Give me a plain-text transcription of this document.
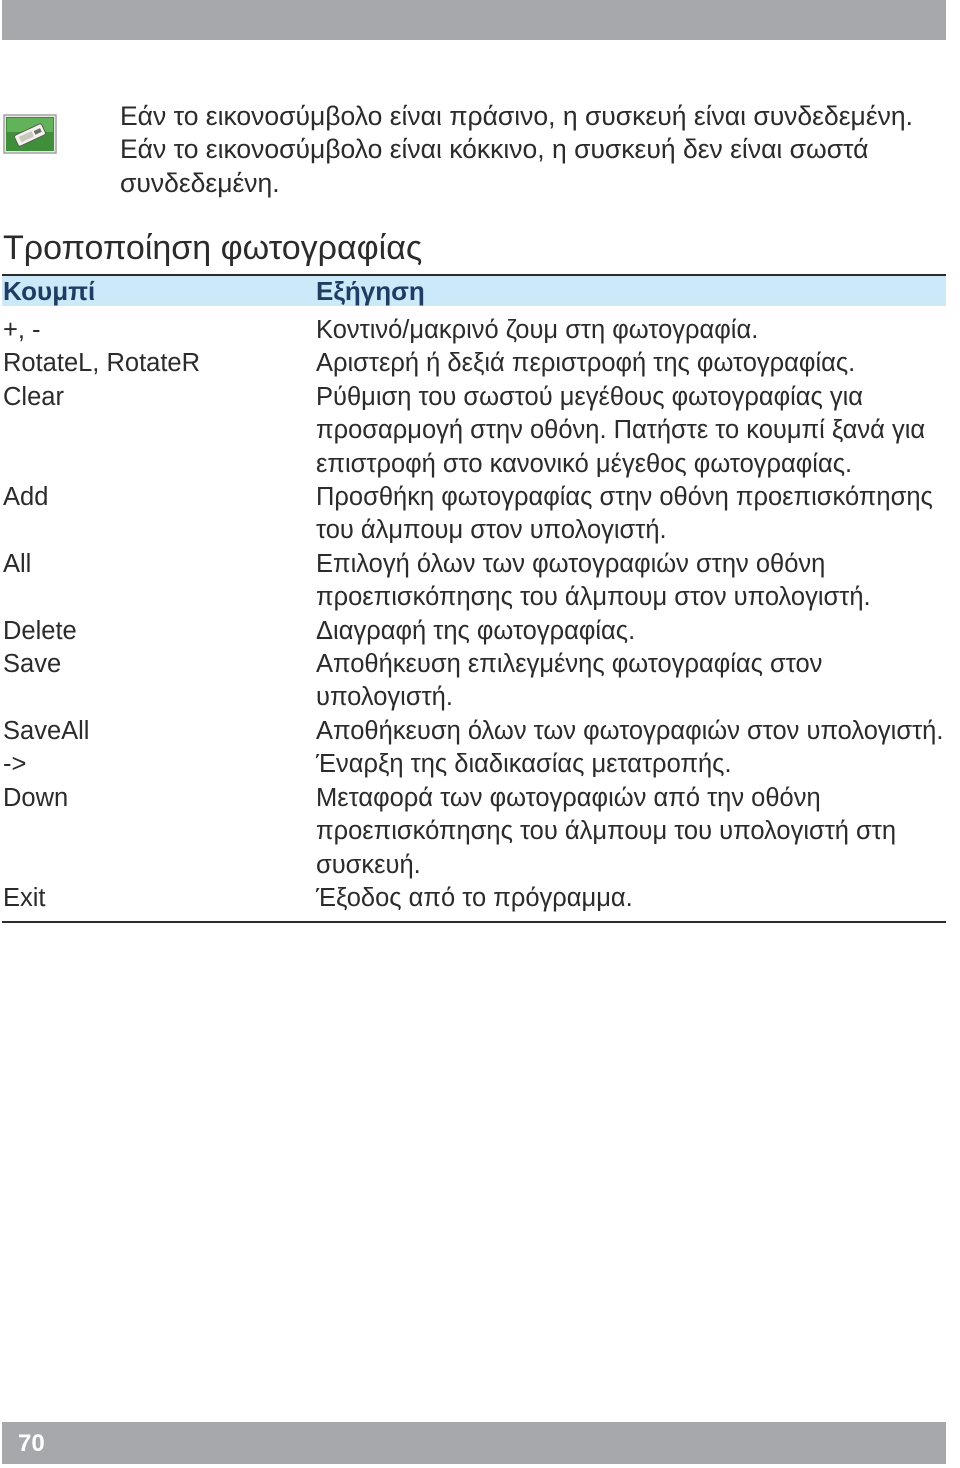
Εάν το εικονοσύμβολο είναι πράσινο, η συσκευή είναι συνδεδεμένη. Εάν το εικονοσύμβολο είναι κόκκινο, η συσκευή δεν είναι σωστά συνδεδεμένη.

Τροποποίηση φωτογραφίας
Κουμπί	Εξήγηση
+, -	Κοντινό/μακρινό ζουμ στη φωτογραφία.
RotateL, RotateR	Αριστερή ή δεξιά περιστροφή της φωτογραφίας.
Clear	Ρύθμιση του σωστού μεγέθους φωτογραφίας για προσαρμογή στην οθόνη. Πατήστε το κουμπί ξανά για επιστροφή στο κανονικό μέγεθος φωτογραφίας.
Add	Προσθήκη φωτογραφίας στην οθόνη προεπισκόπησης του άλμπουμ στον υπολογιστή.
All	Επιλογή όλων των φωτογραφιών στην οθόνη προεπισκόπησης του άλμπουμ στον υπολογιστή.
Delete	Διαγραφή της φωτογραφίας.
Save	Αποθήκευση επιλεγμένης φωτογραφίας στον υπολογιστή.
SaveAll	Αποθήκευση όλων των φωτογραφιών στον υπολογιστή.
->	Έναρξη της διαδικασίας μετατροπής.
Down	Μεταφορά των φωτογραφιών από την οθόνη προεπισκόπησης του άλμπουμ του υπολογιστή στη συσκευή.
Exit	Έξοδος από το πρόγραμμα.
70
